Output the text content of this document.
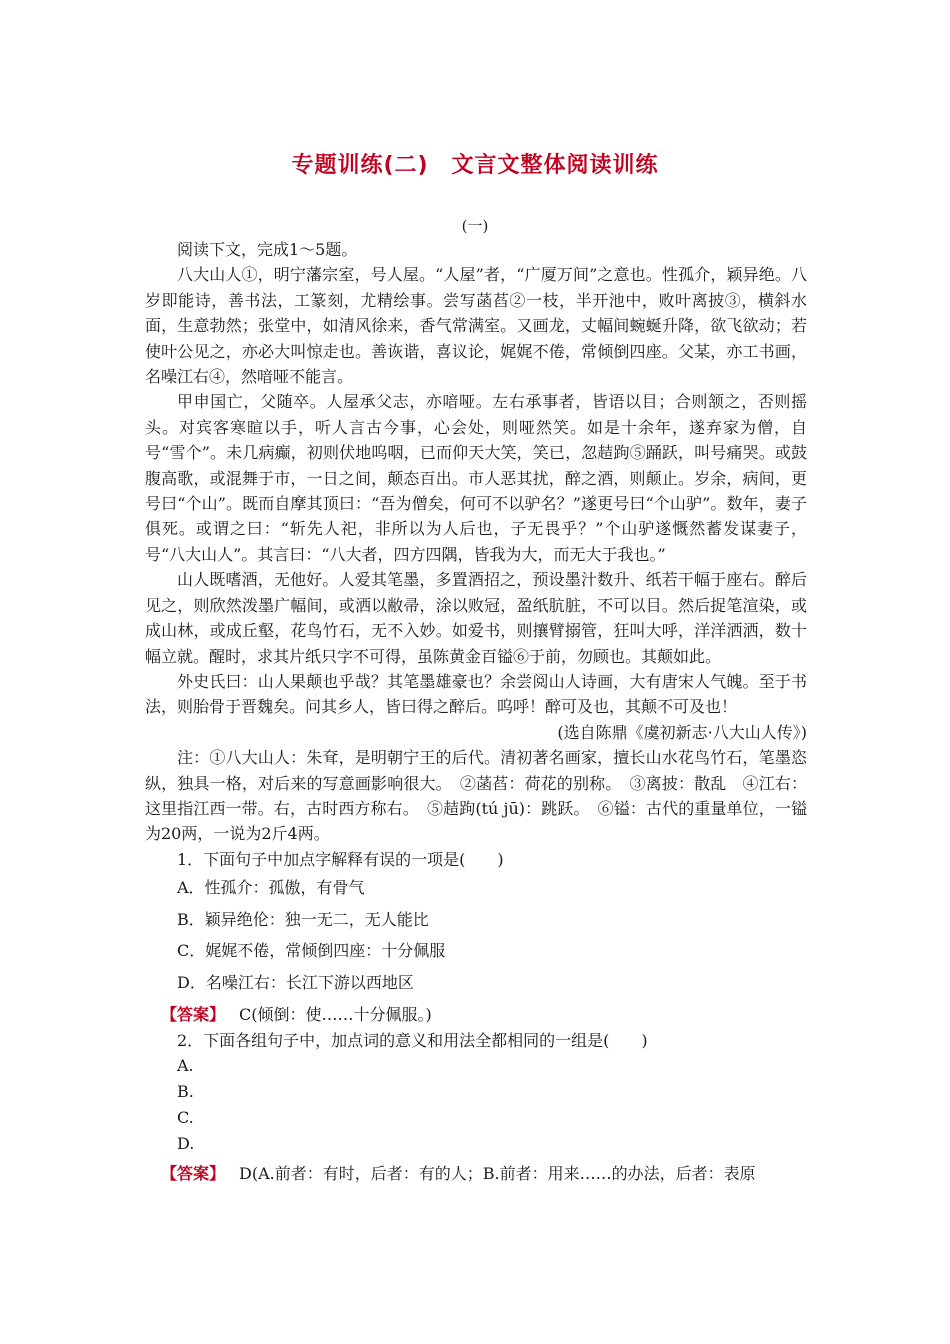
专题训练(二)　文言文整体阅读训练
(一)

阅读下文，完成1～5题。

八大山人①，明宁藩宗室，号人屋。“人屋”者，“广厦万间”之意也。性孤介，颖异绝。八岁即能诗，善书法，工篆刻，尤精绘事。尝写菡萏②一枝，半开池中，败叶离披③，横斜水面，生意勃然；张堂中，如清风徐来，香气常满室。又画龙，丈幅间蜿蜒升降，欲飞欲动；若使叶公见之，亦必大叫惊走也。善诙谐，喜议论，娓娓不倦，常倾倒四座。父某，亦工书画，名噪江右④，然喑哑不能言。

甲申国亡，父随卒。人屋承父志，亦喑哑。左右承事者，皆语以目；合则颔之，否则摇头。对宾客寒暄以手，听人言古今事，心会处，则哑然笑。如是十余年，遂弃家为僧，自号“雪个”。未几病癫，初则伏地呜咽，已而仰天大笑，笑已，忽趌跔⑤踊跃，叫号痛哭。或鼓腹高歌，或混舞于市，一日之间，颠态百出。市人恶其扰，醉之酒，则颠止。岁余，病间，更号曰“个山”。既而自摩其顶曰：“吾为僧矣，何可不以驴名？”遂更号曰“个山驴”。数年，妻子俱死。或谓之曰：“斩先人祀，非所以为人后也，子无畏乎？”个山驴遂慨然蓄发谋妻子，号“八大山人”。其言曰：“八大者，四方四隅，皆我为大，而无大于我也。”

山人既嗜酒，无他好。人爱其笔墨，多置酒招之，预设墨汁数升、纸若干幅于座右。醉后见之，则欣然泼墨广幅间，或洒以敝帚，涂以败冠，盈纸肮脏，不可以目。然后捉笔渲染，或成山林，或成丘壑，花鸟竹石，无不入妙。如爱书，则攘臂搦管，狂叫大呼，洋洋洒洒，数十幅立就。醒时，求其片纸只字不可得，虽陈黄金百镒⑥于前，勿顾也。其颠如此。

外史氏曰：山人果颠也乎哉？其笔墨雄豪也？余尝阅山人诗画，大有唐宋人气魄。至于书法，则胎骨于晋魏矣。问其乡人，皆曰得之醉后。呜呼！醉可及也，其颠不可及也！

(选自陈鼎《虞初新志·八大山人传》)

注：①八大山人：朱耷，是明朝宁王的后代。清初著名画家，擅长山水花鸟竹石，笔墨恣纵，独具一格，对后来的写意画影响很大。　②菡萏：荷花的别称。　③离披：散乱　④江右：这里指江西一带。右，古时西方称右。　⑤趌跔(tú jū)：跳跃。　⑥镒：古代的重量单位，一镒为20两，一说为2斤4两。

1．下面句子中加点字解释有误的一项是(　　)

A．性孤介：孤傲，有骨气

B．颖异绝伦：独一无二，无人能比

C．娓娓不倦，常倾倒四座：十分佩服

D．名噪江右：长江下游以西地区

【答案】 C(倾倒：使……十分佩服。)

2．下面各组句子中，加点词的意义和用法全都相同的一组是(　　)

A.

B.

C.

D.

【答案】 D(A.前者：有时，后者：有的人；B.前者：用来……的办法，后者：表原
